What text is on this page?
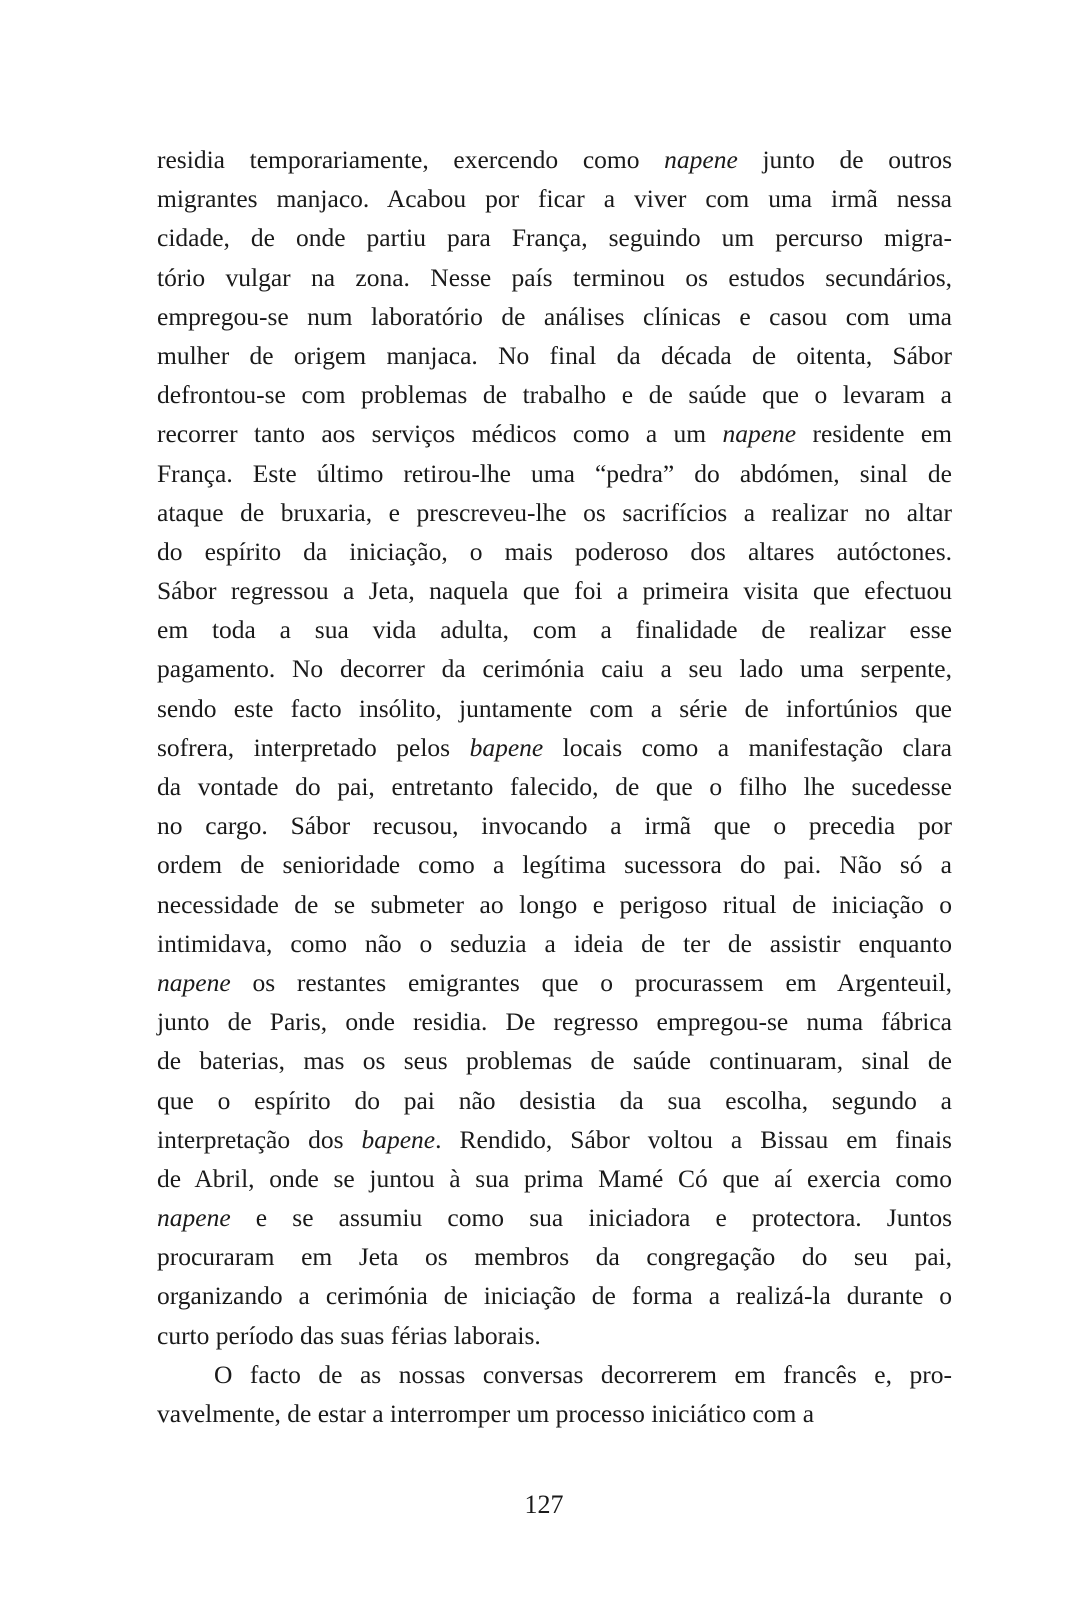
residia temporariamente, exercendo como napene junto de outros
migrantes manjaco. Acabou por ficar a viver com uma irmã nessa
cidade, de onde partiu para França, seguindo um percurso migra-
tório vulgar na zona. Nesse país terminou os estudos secundários,
empregou-se num laboratório de análises clínicas e casou com uma
mulher de origem manjaca. No final da década de oitenta, Sábor
defrontou-se com problemas de trabalho e de saúde que o levaram a
recorrer tanto aos serviços médicos como a um napene residente em
França. Este último retirou-lhe uma “pedra” do abdómen, sinal de
ataque de bruxaria, e prescreveu-lhe os sacrifícios a realizar no altar
do espírito da iniciação, o mais poderoso dos altares autóctones.
Sábor regressou a Jeta, naquela que foi a primeira visita que efectuou
em toda a sua vida adulta, com a finalidade de realizar esse
pagamento. No decorrer da cerimónia caiu a seu lado uma serpente,
sendo este facto insólito, juntamente com a série de infortúnios que
sofrera, interpretado pelos bapene locais como a manifestação clara
da vontade do pai, entretanto falecido, de que o filho lhe sucedesse
no cargo. Sábor recusou, invocando a irmã que o precedia por
ordem de senioridade como a legítima sucessora do pai. Não só a
necessidade de se submeter ao longo e perigoso ritual de iniciação o
intimidava, como não o seduzia a ideia de ter de assistir enquanto
napene os restantes emigrantes que o procurassem em Argenteuil,
junto de Paris, onde residia. De regresso empregou-se numa fábrica
de baterias, mas os seus problemas de saúde continuaram, sinal de
que o espírito do pai não desistia da sua escolha, segundo a
interpretação dos bapene. Rendido, Sábor voltou a Bissau em finais
de Abril, onde se juntou à sua prima Mamé Có que aí exercia como
napene e se assumiu como sua iniciadora e protectora. Juntos
procuraram em Jeta os membros da congregação do seu pai,
organizando a cerimónia de iniciação de forma a realizá-la durante o
curto período das suas férias laborais.
O facto de as nossas conversas decorrerem em francês e, pro-
vavelmente, de estar a interromper um processo iniciático com a
127
